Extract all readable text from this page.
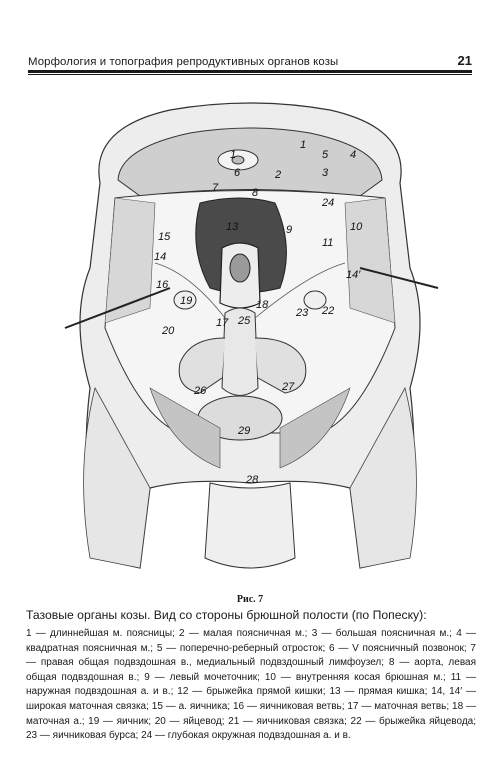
Морфология и топография репродуктивных органов козы	21
1
5 4
1
2	3
6
7	8
24
10
11
15
14
14′
9
13
16
19	18
23 22
20
17 25
26	27
29
28
Рис. 7
Тазовые органы козы. Вид со стороны брюшной полости (по Попеску):
1 — длиннейшая м. поясницы; 2 — малая поясничная м.; 3 — большая поясничная м.; 4 — квадратная поясничная м.; 5 — поперечно-реберный отросток; 6 — V поясничный позвонок; 7 — правая общая подвздошная в., медиальный подвздошный лимфоузел; 8 — аорта, левая общая подвздошная в.; 9 — левый мочеточник; 10 — внутренняя косая брюшная м.; 11 — наружная подвздошная а. и в.; 12 — брыжейка прямой кишки; 13 — прямая кишка; 14, 14′ — широкая маточная связка; 15 — а. яичника; 16 — яичниковая ветвь; 17 — маточная ветвь; 18 — маточная а.; 19 — яичник; 20 — яйцевод; 21 — яичниковая связка; 22 — брыжейка яйцевода; 23 — яичниковая бурса; 24 — глубокая окружная подвздошная а. и в.
